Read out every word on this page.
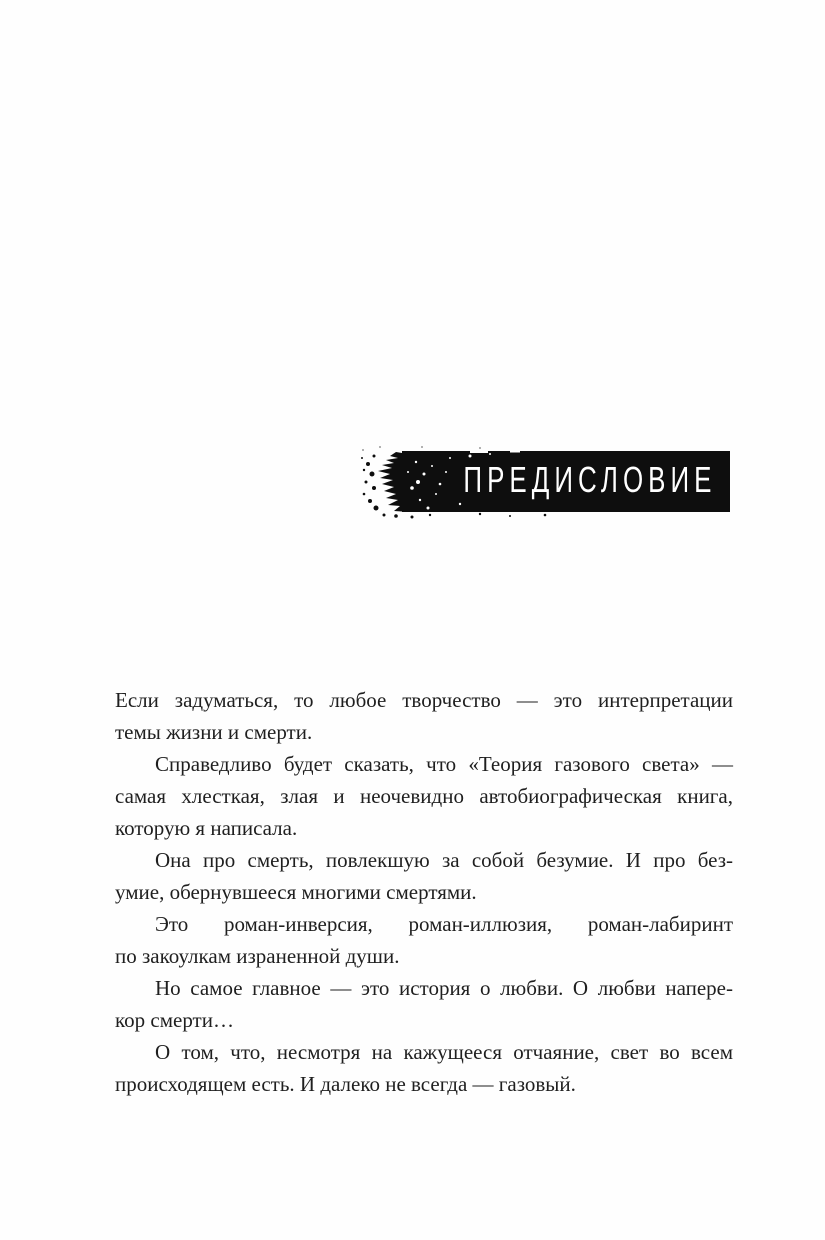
ПРЕДИСЛОВИЕ
Если задуматься, то любое творчество — это интерпретации
темы жизни и смерти.
Справедливо будет сказать, что «Теория газового света» —
самая хлесткая, злая и неочевидно автобиографическая книга,
которую я написала.
Она про смерть, повлекшую за собой безумие. И про без-
умие, обернувшееся многими смертями.
Это роман-инверсия, роман-иллюзия, роман-лабиринт
по закоулкам израненной души.
Но самое главное — это история о любви. О любви напере-
кор смерти…
О том, что, несмотря на кажущееся отчаяние, свет во всем
происходящем есть. И далеко не всегда — газовый.
